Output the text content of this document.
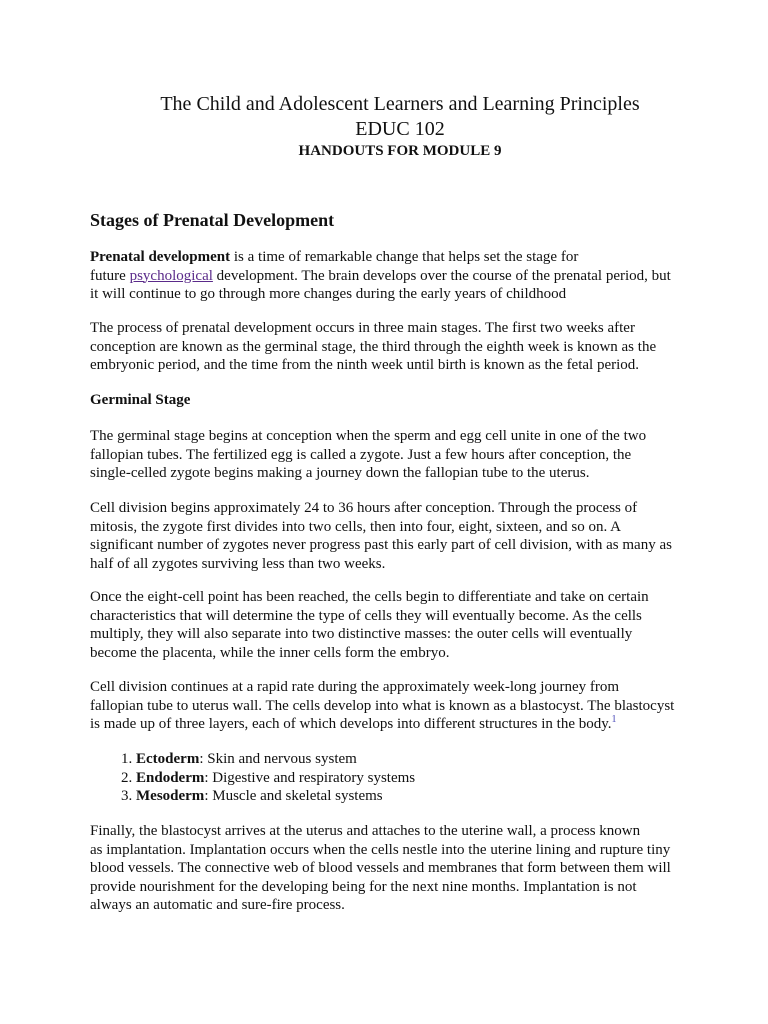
The Child and Adolescent Learners and Learning Principles
EDUC 102
HANDOUTS FOR MODULE 9
Stages of Prenatal Development
Prenatal development is a time of remarkable change that helps set the stage for
future psychological development. The brain develops over the course of the prenatal period, but
it will continue to go through more changes during the early years of childhood
The process of prenatal development occurs in three main stages. The first two weeks after
conception are known as the germinal stage, the third through the eighth week is known as the
embryonic period, and the time from the ninth week until birth is known as the fetal period.
Germinal Stage
The germinal stage begins at conception when the sperm and egg cell unite in one of the two
fallopian tubes. The fertilized egg is called a zygote. Just a few hours after conception, the
single-celled zygote begins making a journey down the fallopian tube to the uterus.
Cell division begins approximately 24 to 36 hours after conception. Through the process of
mitosis, the zygote first divides into two cells, then into four, eight, sixteen, and so on. A
significant number of zygotes never progress past this early part of cell division, with as many as
half of all zygotes surviving less than two weeks.
Once the eight-cell point has been reached, the cells begin to differentiate and take on certain
characteristics that will determine the type of cells they will eventually become. As the cells
multiply, they will also separate into two distinctive masses: the outer cells will eventually
become the placenta, while the inner cells form the embryo.
Cell division continues at a rapid rate during the approximately week-long journey from
fallopian tube to uterus wall. The cells develop into what is known as a blastocyst. The blastocyst
is made up of three layers, each of which develops into different structures in the body.$^1$
1. Ectoderm: Skin and nervous system
2. Endoderm: Digestive and respiratory systems
3. Mesoderm: Muscle and skeletal systems
Finally, the blastocyst arrives at the uterus and attaches to the uterine wall, a process known
as implantation. Implantation occurs when the cells nestle into the uterine lining and rupture tiny
blood vessels. The connective web of blood vessels and membranes that form between them will
provide nourishment for the developing being for the next nine months. Implantation is not
always an automatic and sure-fire process.
